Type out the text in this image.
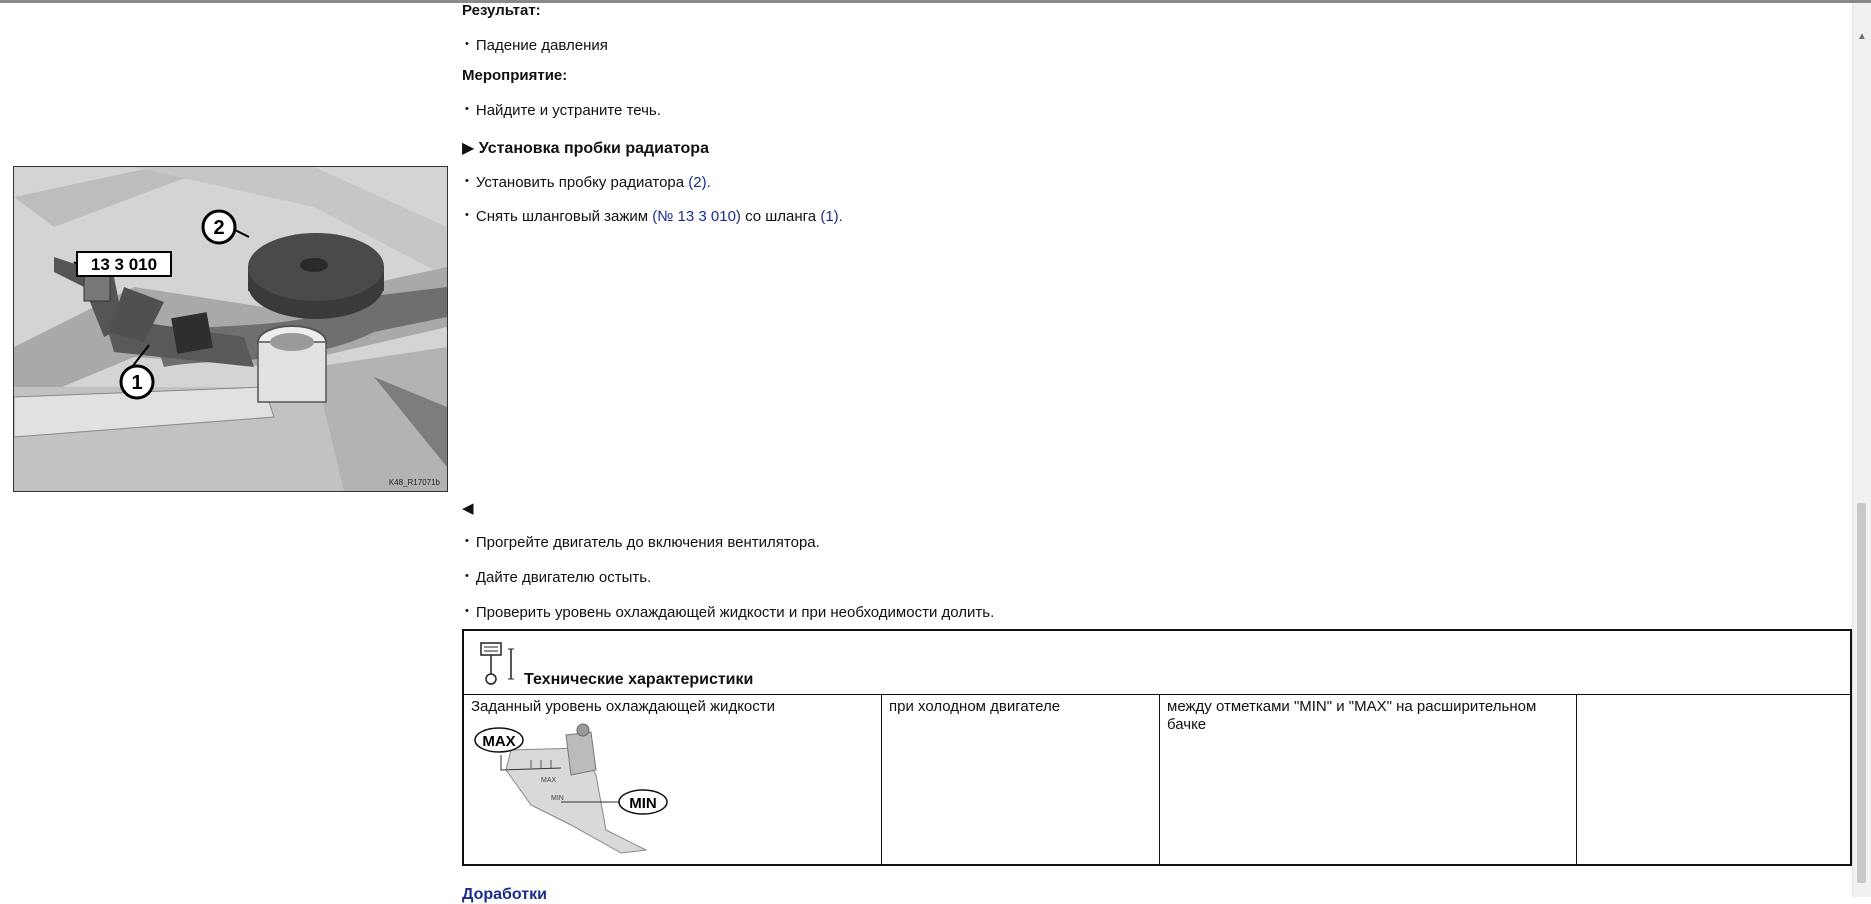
▲
Результат:
• Падение давления
Мероприятие:
• Найдите и устраните течь.
▶ Установка пробки радиатора
• Установить пробку радиатора (2).
• Снять шланговый зажим (№ 13 3 010) со шланга (1).
2
1
13 3 010
K48_R17071b
◀
• Прогрейте двигатель до включения вентилятора.
• Дайте двигателю остыть.
• Проверить уровень охлаждающей жидкости и при необходимости долить.
Технические характеристики
Заданный уровень охлаждающей жидкости
MAX
MIN
MAX
MIN
при холодном двигателе	между отметками "MIN" и "MAX" на расширительном бачке
Доработки
